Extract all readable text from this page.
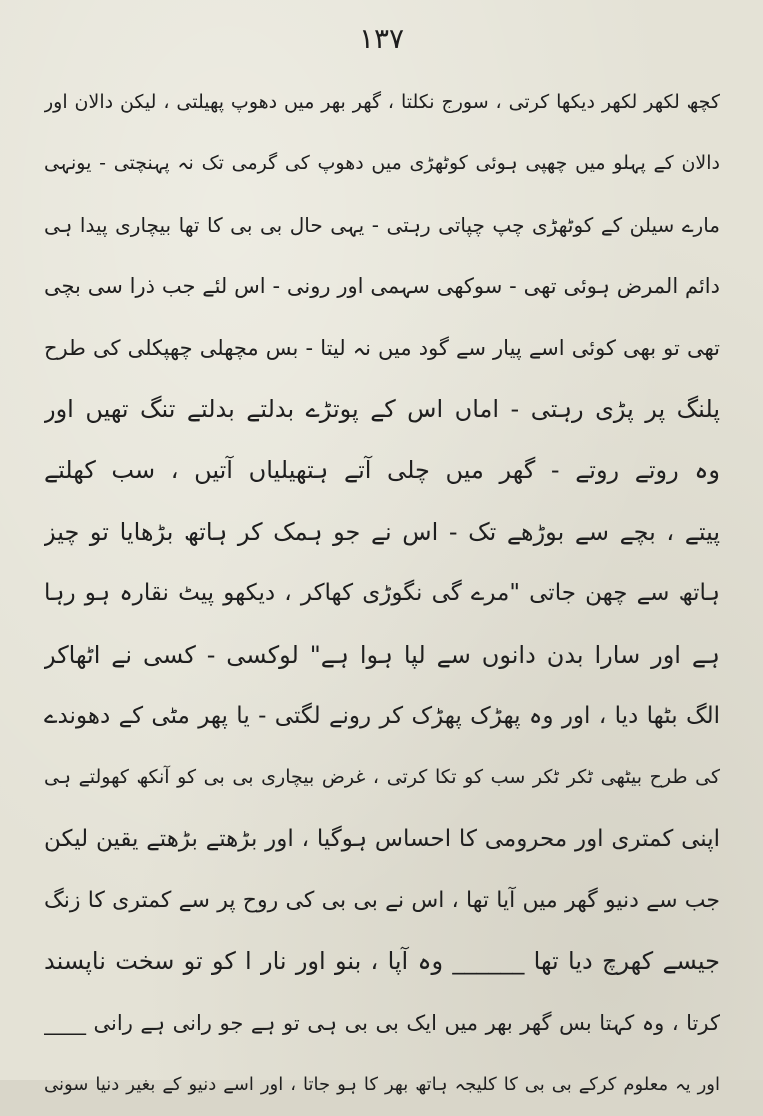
۱۳۷
کچھ لکھر لکھر دیکھا کرتی ، سورج نکلتا ، گھر بھر میں دھوپ پھیلتی ، لیکن دالان اور
دالان کے پہلو میں چھپی ہوئی کوٹھڑی میں دھوپ کی گرمی تک نہ پہنچتی - یونہی
مارے سیلن کے کوٹھڑی چپ چپاتی رہتی - یہی حال بی بی کا تھا بیچاری پیدا ہی
دائم المرض ہوئی تھی - سوکھی سہمی اور رونی - اس لئے جب ذرا سی بچی
تھی تو بھی کوئی اسے پیار سے گود میں نہ لیتا - بس مچھلی چھپکلی کی طرح
پلنگ پر پڑی رہتی - اماں اس کے پوتڑے بدلتے بدلتے تنگ تھیں اور
وہ روتے روتے - گھر میں چلی آتے ہتھیلیاں آتیں ، سب کھلتے
پیتے ، بچے سے بوڑھے تک - اس نے جو ہمک کر ہاتھ بڑھایا تو چیز
ہاتھ سے چھن جاتی "مرے گی نگوڑی کھاکر ، دیکھو پیٹ نقارہ ہو رہا
ہے اور سارا بدن دانوں سے لپا ہوا ہے" لوکسی - کسی نے اٹھاکر
الگ بٹھا دیا ، اور وہ پھڑک پھڑک کر رونے لگتی - یا پھر مٹی کے دھوندے
کی طرح بیٹھی ٹکر ٹکر سب کو تکا کرتی ، غرض بیچاری بی بی کو آنکھ کھولتے ہی
اپنی کمتری اور محرومی کا احساس ہوگیا ، اور بڑھتے بڑھتے یقین لیکن
جب سے دنیو گھر میں آیا تھا ، اس نے بی بی کی روح پر سے کمتری کا زنگ
جیسے کھرچ دیا تھا ______ وہ آپا ، بنو اور نار ا کو تو سخت ناپسند
کرتا ، وہ کہتا بس گھر بھر میں ایک بی بی ہی تو ہے جو رانی ہے رانی ____
اور یہ معلوم کرکے بی بی کا کلیجہ ہاتھ بھر کا ہو جاتا ، اور اسے دنیو کے بغیر دنیا سونی
